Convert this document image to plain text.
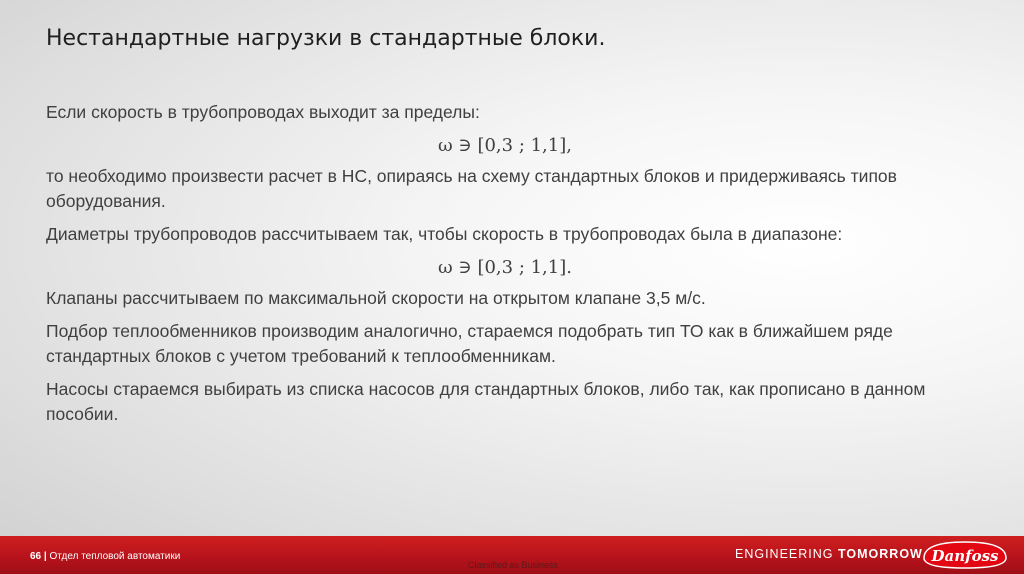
Нестандартные нагрузки в стандартные блоки.

Если скорость в трубопроводах выходит за пределы:

ω ∋ [0,3 ; 1,1],

то необходимо произвести расчет в НС, опираясь на схему стандартных блоков и придерживаясь типов оборудования.

Диаметры трубопроводов рассчитываем так, чтобы скорость в трубопроводах была в диапазоне:

ω ∋ [0,3 ; 1,1].

Клапаны рассчитываем по максимальной скорости на открытом клапане 3,5 м/с.

Подбор теплообменников производим аналогично, стараемся подобрать тип ТО как в ближайшем ряде стандартных блоков с учетом требований к теплообменникам.

Насосы стараемся выбирать из списка насосов для стандартных блоков, либо так, как прописано в данном пособии.

66 | Отдел тепловой автоматики
Classified as Business
ENGINEERING TOMORROW Danfoss
